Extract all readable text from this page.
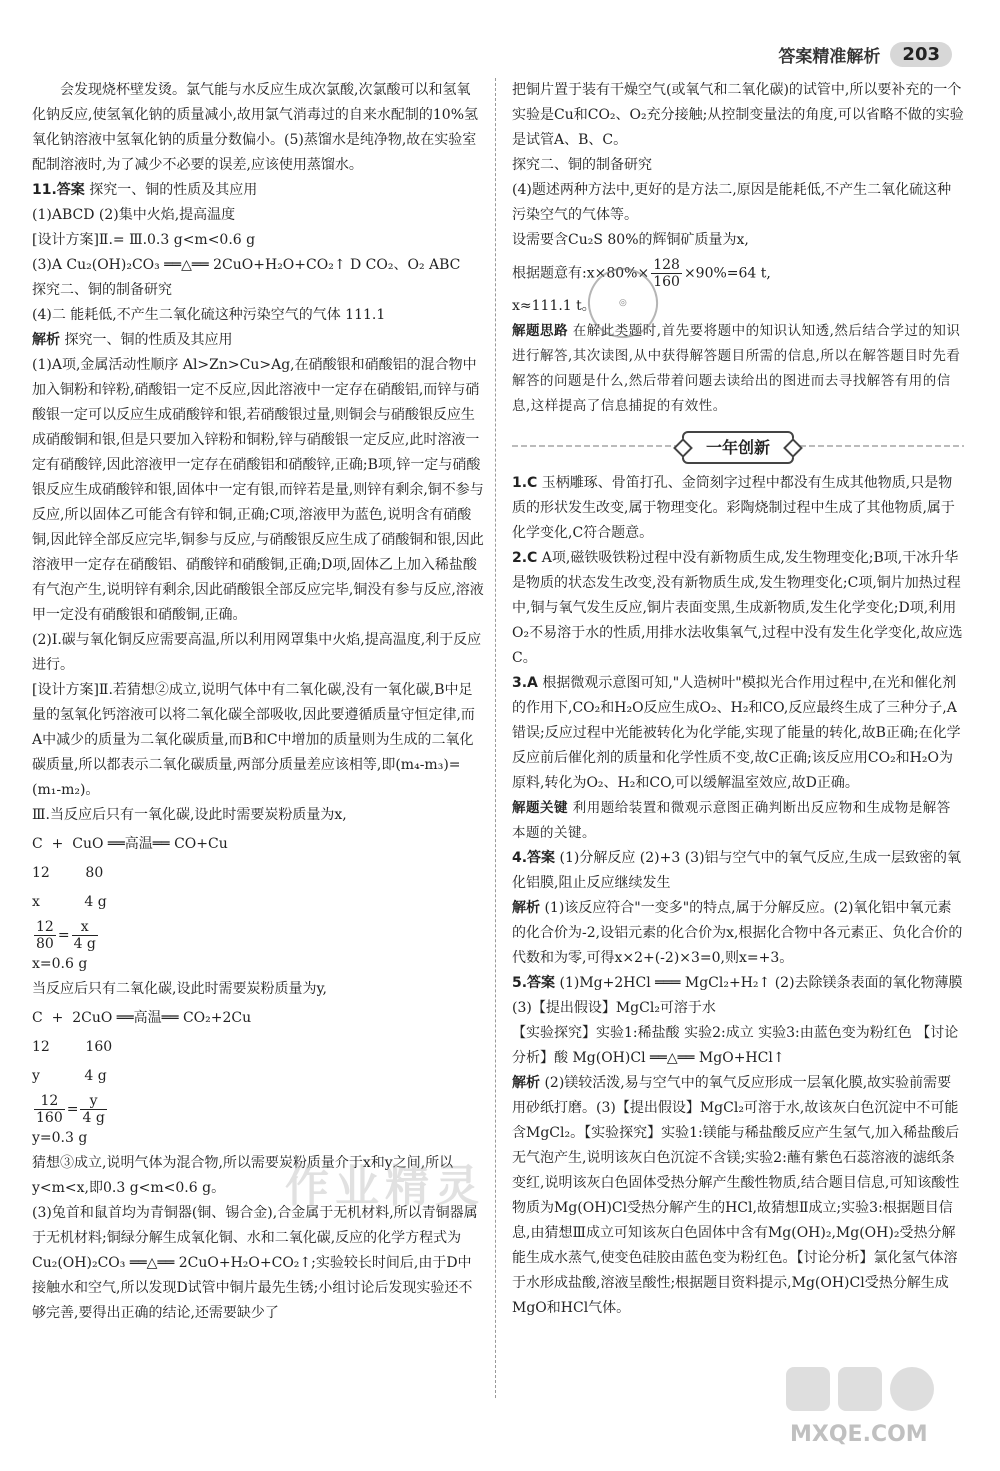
答案精准解析	203

会发现烧杯壁发烫。氯气能与水反应生成次氯酸,次氯酸可以和氢氧化钠反应,使氢氧化钠的质量减小,故用氯气消毒过的自来水配制的10%氢氧化钠溶液中氢氧化钠的质量分数偏小。(5)蒸馏水是纯净物,故在实验室配制溶液时,为了减少不必要的误差,应该使用蒸馏水。

11.答案 探究一、铜的性质及其应用

(1)ABCD (2)集中火焰,提高温度

[设计方案]Ⅱ.= Ⅲ.0.3 g<m<0.6 g

(3)A Cu₂(OH)₂CO₃ ══△══ 2CuO+H₂O+CO₂↑ D CO₂、O₂ ABC

探究二、铜的制备研究

(4)二 能耗低,不产生二氧化硫这种污染空气的气体 111.1

解析 探究一、铜的性质及其应用

(1)A项,金属活动性顺序 Al>Zn>Cu>Ag,在硝酸银和硝酸铝的混合物中加入铜粉和锌粉,硝酸铝一定不反应,因此溶液中一定存在硝酸铝,而锌与硝酸银一定可以反应生成硝酸锌和银,若硝酸银过量,则铜会与硝酸银反应生成硝酸铜和银,但是只要加入锌粉和铜粉,锌与硝酸银一定反应,此时溶液一定有硝酸锌,因此溶液甲一定存在硝酸铝和硝酸锌,正确;B项,锌一定与硝酸银反应生成硝酸锌和银,固体中一定有银,而锌若是量,则锌有剩余,铜不参与反应,所以固体乙可能含有锌和铜,正确;C项,溶液甲为蓝色,说明含有硝酸铜,因此锌全部反应完毕,铜参与反应,与硝酸银反应生成了硝酸铜和银,因此溶液甲一定存在硝酸铝、硝酸锌和硝酸铜,正确;D项,固体乙上加入稀盐酸有气泡产生,说明锌有剩余,因此硝酸银全部反应完毕,铜没有参与反应,溶液甲一定没有硝酸银和硝酸铜,正确。

(2)Ⅰ.碳与氧化铜反应需要高温,所以利用网罩集中火焰,提高温度,利于反应进行。

[设计方案]Ⅱ.若猜想②成立,说明气体中有二氧化碳,没有一氧化碳,B中足量的氢氧化钙溶液可以将二氧化碳全部吸收,因此要遵循质量守恒定律,而A中减少的质量为二氧化碳质量,而B和C中增加的质量则为生成的二氧化碳质量,所以都表示二氧化碳质量,两部分质量差应该相等,即(m₄-m₃)=(m₁-m₂)。

Ⅲ.当反应后只有一氧化碳,设此时需要炭粉质量为x,

C  +  CuO ══高温══ CO+Cu
12        80
x          4 g
$\frac{12}{80} = \frac{x}{4 g}$

x=0.6 g

当反应后只有二氧化碳,设此时需要炭粉质量为y,

C  +  2CuO ══高温══ CO₂+2Cu
12        160
y          4 g
$\frac{12}{160} = \frac{y}{4 g}$

y=0.3 g

猜想③成立,说明气体为混合物,所以需要炭粉质量介于x和y之间,所以 y<m<x,即0.3 g<m<0.6 g。

(3)兔首和鼠首均为青铜器(铜、锡合金),合金属于无机材料,所以青铜器属于无机材料;铜绿分解生成氧化铜、水和二氧化碳,反应的化学方程式为Cu₂(OH)₂CO₃ ══△══ 2CuO+H₂O+CO₂↑;实验较长时间后,由于D中接触水和空气,所以发现D试管中铜片最先生锈;小组讨论后发现实验还不够完善,要得出正确的结论,还需要缺少了

把铜片置于装有干燥空气(或氧气和二氧化碳)的试管中,所以要补充的一个实验是Cu和CO₂、O₂充分接触;从控制变量法的角度,可以省略不做的实验是试管A、B、C。

探究二、铜的制备研究

(4)题述两种方法中,更好的是方法二,原因是能耗低,不产生二氧化硫这种污染空气的气体等。

设需要含Cu₂S 80%的辉铜矿质量为x,

根据题意有:x×80%× $\frac{128}{160} \times 90\%=64$ t,

x≈111.1 t。

解题思路 在解此类题时,首先要将题中的知识认知透,然后结合学过的知识进行解答,其次读图,从中获得解答题目所需的信息,所以在解答题目时先看解答的问题是什么,然后带着问题去读给出的图进而去寻找解答有用的信息,这样提高了信息捕捉的有效性。
一年创新
1.C 玉柄雕琢、骨笛打孔、金筒刻字过程中都没有生成其他物质,只是物质的形状发生改变,属于物理变化。彩陶烧制过程中生成了其他物质,属于化学变化,C符合题意。
2.C A项,磁铁吸铁粉过程中没有新物质生成,发生物理变化;B项,干冰升华是物质的状态发生改变,没有新物质生成,发生物理变化;C项,铜片加热过程中,铜与氧气发生反应,铜片表面变黑,生成新物质,发生化学变化;D项,利用O₂不易溶于水的性质,用排水法收集氧气,过程中没有发生化学变化,故应选C。
3.A 根据微观示意图可知,"人造树叶"模拟光合作用过程中,在光和催化剂的作用下,CO₂和H₂O反应生成O₂、H₂和CO,反应最终生成了三种分子,A错误;反应过程中光能被转化为化学能,实现了能量的转化,故B正确;在化学反应前后催化剂的质量和化学性质不变,故C正确;该反应用CO₂和H₂O为原料,转化为O₂、H₂和CO,可以缓解温室效应,故D正确。
解题关键 利用题给装置和微观示意图正确判断出反应物和生成物是解答本题的关键。
4.答案 (1)分解反应 (2)+3 (3)铝与空气中的氧气反应,生成一层致密的氧化铝膜,阻止反应继续发生
解析 (1)该反应符合"一变多"的特点,属于分解反应。(2)氧化铝中氧元素的化合价为-2,设铝元素的化合价为x,根据化合物中各元素正、负化合价的代数和为零,可得x×2+(-2)×3=0,则x=+3。
5.答案 (1)Mg+2HCl ═══ MgCl₂+H₂↑ (2)去除镁条表面的氧化物薄膜 (3)【提出假设】MgCl₂可溶于水

【实验探究】实验1:稀盐酸 实验2:成立 实验3:由蓝色变为粉红色 【讨论分析】酸 Mg(OH)Cl ══△══ MgO+HCl↑

解析 (2)镁较活泼,易与空气中的氧气反应形成一层氧化膜,故实验前需要用砂纸打磨。(3)【提出假设】MgCl₂可溶于水,故该灰白色沉淀中不可能含MgCl₂。【实验探究】实验1:镁能与稀盐酸反应产生氢气,加入稀盐酸后无气泡产生,说明该灰白色沉淀不含镁;实验2:蘸有紫色石蕊溶液的滤纸条变红,说明该灰白色固体受热分解产生酸性物质,结合题目信息,可知该酸性物质为Mg(OH)Cl受热分解产生的HCl,故猜想Ⅱ成立;实验3:根据题目信息,由猜想Ⅲ成立可知该灰白色固体中含有Mg(OH)₂,Mg(OH)₂受热分解能生成水蒸气,使变色硅胶由蓝色变为粉红色。【讨论分析】氯化氢气体溶于水形成盐酸,溶液呈酸性;根据题目资料提示,Mg(OH)Cl受热分解生成MgO和HCl气体。
◎
作业精灵
MXQE.COM
